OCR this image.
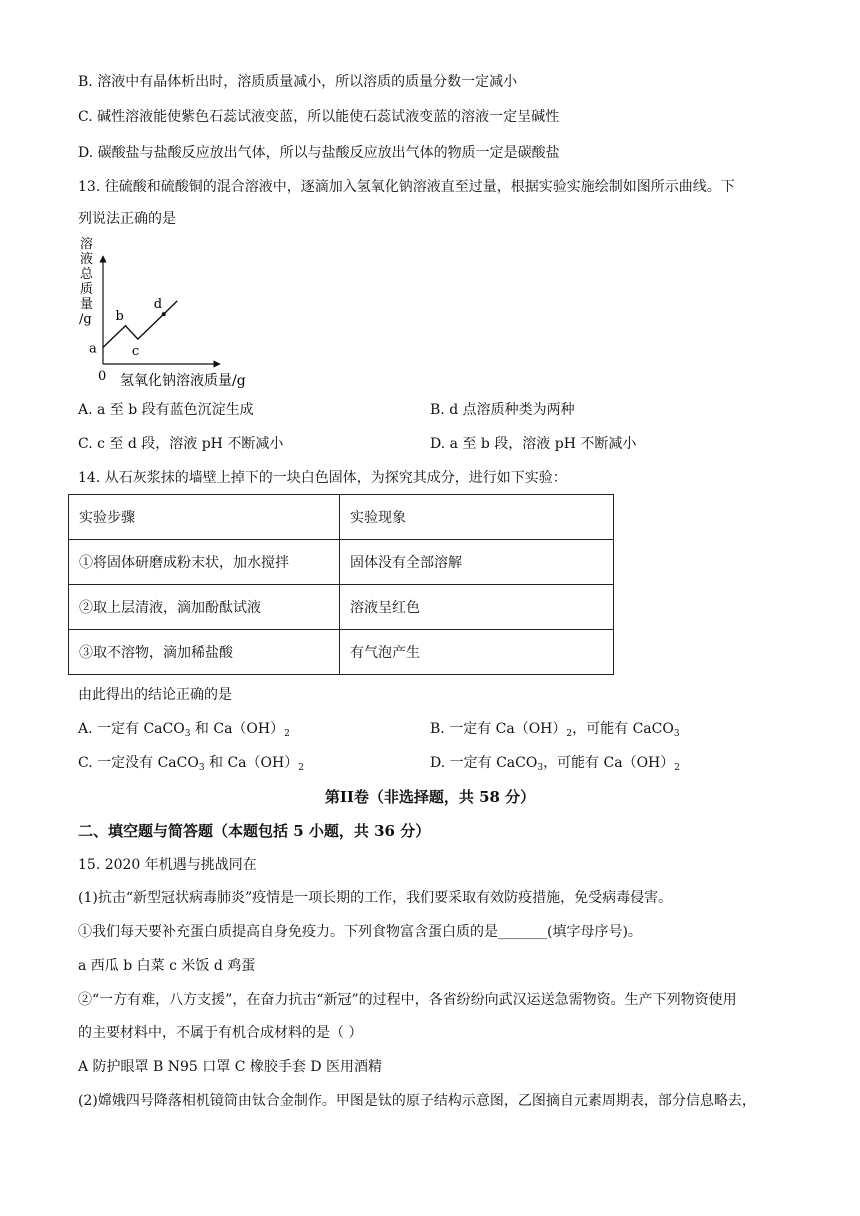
B. 溶液中有晶体析出时，溶质质量减小，所以溶质的质量分数一定减小
C. 碱性溶液能使紫色石蕊试液变蓝，所以能使石蕊试液变蓝的溶液一定呈碱性
D. 碳酸盐与盐酸反应放出气体，所以与盐酸反应放出气体的物质一定是碳酸盐
13. 往硫酸和硫酸铜的混合溶液中，逐滴加入氢氧化钠溶液直至过量，根据实验实施绘制如图所示曲线。下
列说法正确的是
溶
液
总
质
量
/g
0 氢氧化钠溶液质量/g
a
b
c
d
A. a 至 b 段有蓝色沉淀生成	B. d 点溶质种类为两种
C. c 至 d 段，溶液 pH 不断减小	D. a 至 b 段，溶液 pH 不断减小
14. 从石灰浆抹的墙壁上掉下的一块白色固体，为探究其成分，进行如下实验：
实验步骤	实验现象
①将固体研磨成粉末状，加水搅拌	固体没有全部溶解
②取上层清液，滴加酚酞试液	溶液呈红色
③取不溶物，滴加稀盐酸	有气泡产生
由此得出的结论正确的是
A. 一定有 CaCO$_3$ 和 $Ca(OH)_2$	B. 一定有 $Ca(OH)_2$，可能有 CaCO$_3$
C. 一定没有 CaCO$_3$ 和 $Ca(OH)_2$	D. 一定有 CaCO$_3$，可能有 $Ca(OH)_2$
第II卷（非选择题，共 58 分）
二、填空题与简答题（本题包括 5 小题，共 36 分）
15. 2020 年机遇与挑战同在
(1)抗击“新型冠状病毒肺炎”疫情是一项长期的工作，我们要采取有效防疫措施，免受病毒侵害。
①我们每天要补充蛋白质提高自身免疫力。下列食物富含蛋白质的是_______(填字母序号)。
a 西瓜 b 白菜 c 米饭 d 鸡蛋
②“一方有难，八方支援”，在奋力抗击“新冠”的过程中，各省纷纷向武汉运送急需物资。生产下列物资使用
的主要材料中，不属于有机合成材料的是（ ）
A 防护眼罩 B N95 口罩 C 橡胶手套 D 医用酒精
(2)嫦娥四号降落相机镜筒由钛合金制作。甲图是钛的原子结构示意图，乙图摘自元素周期表，部分信息略去，
